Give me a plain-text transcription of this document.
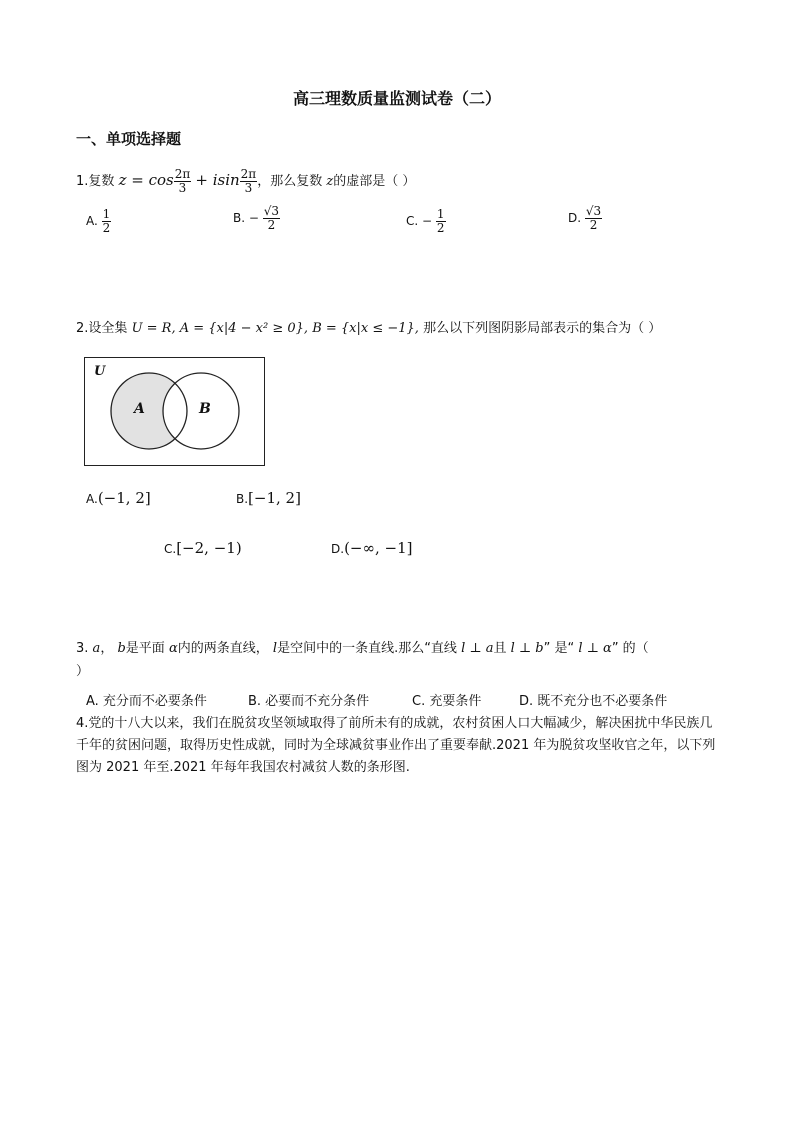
高三理数质量监测试卷（二）
一、单项选择题
1.复数 $z = \cos \frac{2\pi}{3} + isin \frac{2\pi}{3}$ ，那么复数 z的虚部是（ ）
A. $\frac{1}{2}$	B. − $\frac{√3}{2}$	C. − $\frac{1}{2}$	D. $\frac{√3}{2}$
2.设全集 U = R, A = {x|4 − x² ≥ 0}, B = {x|x ≤ −1}, 那么以下列图阴影局部表示的集合为（ ）
U
A	B
A.(−1, 2]	B.[−1, 2]
C.[−2, −1)	D.(−∞, −1]
3. a， b是平面 α内的两条直线， l是空间中的一条直线.那么“直线 l ⊥ a且 l ⊥ b” 是“ l ⊥ α” 的（
）
A. 充分而不必要条件	B. 必要而不充分条件	C. 充要条件	D. 既不充分也不必要条件
4.党的十八大以来，我们在脱贫攻坚领域取得了前所未有的成就，农村贫困人口大幅减少，解决困扰中华民族几千年的贫困问题，取得历史性成就，同时为全球减贫事业作出了重要奉献.2021 年为脱贫攻坚收官之年，以下列图为 2021 年至.2021 年每年我国农村减贫人数的条形图.
